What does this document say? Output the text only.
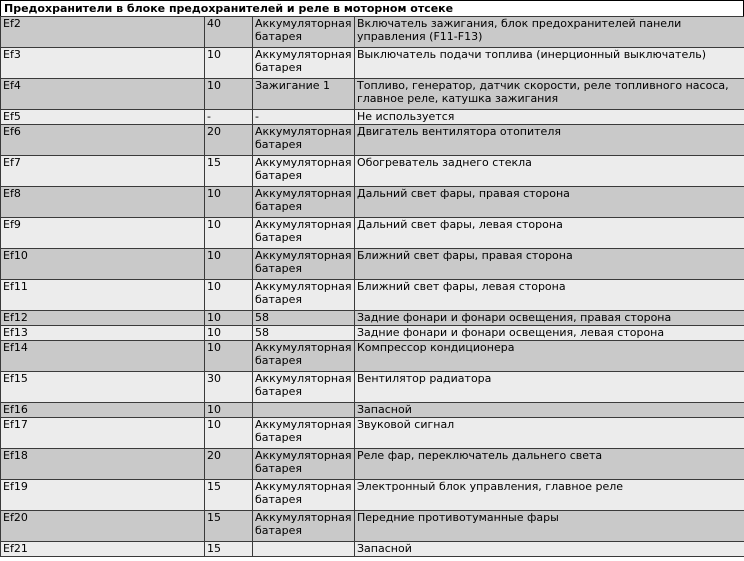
Предохранители в блоке предохранителей и реле в моторном отсеке
Ef2	40	Аккумуляторная
батарея	Включатель зажигания, блок предохранителей панели управления (F11-F13)
Ef3	10	Аккумуляторная
батарея	Выключатель подачи топлива (инерционный выключатель)
Ef4	10	Зажигание 1	Топливо, генератор, датчик скорости, реле топливного насоса, главное реле, катушка зажигания
Ef5	-	-	Не используется
Ef6	20	Аккумуляторная
батарея	Двигатель вентилятора отопителя
Ef7	15	Аккумуляторная
батарея	Обогреватель заднего стекла
Ef8	10	Аккумуляторная
батарея	Дальний свет фары, правая сторона
Ef9	10	Аккумуляторная
батарея	Дальний свет фары, левая сторона
Ef10	10	Аккумуляторная
батарея	Ближний свет фары, правая сторона
Ef11	10	Аккумуляторная
батарея	Ближний свет фары, левая сторона
Ef12	10	58	Задние фонари и фонари освещения, правая сторона
Ef13	10	58	Задние фонари и фонари освещения, левая сторона
Ef14	10	Аккумуляторная
батарея	Компрессор кондиционера
Ef15	30	Аккумуляторная
батарея	Вентилятор радиатора
Ef16	10		Запасной
Ef17	10	Аккумуляторная
батарея	Звуковой сигнал
Ef18	20	Аккумуляторная
батарея	Реле фар, переключатель дальнего света
Ef19	15	Аккумуляторная
батарея	Электронный блок управления, главное реле
Ef20	15	Аккумуляторная
батарея	Передние противотуманные фары
Ef21	15		Запасной
